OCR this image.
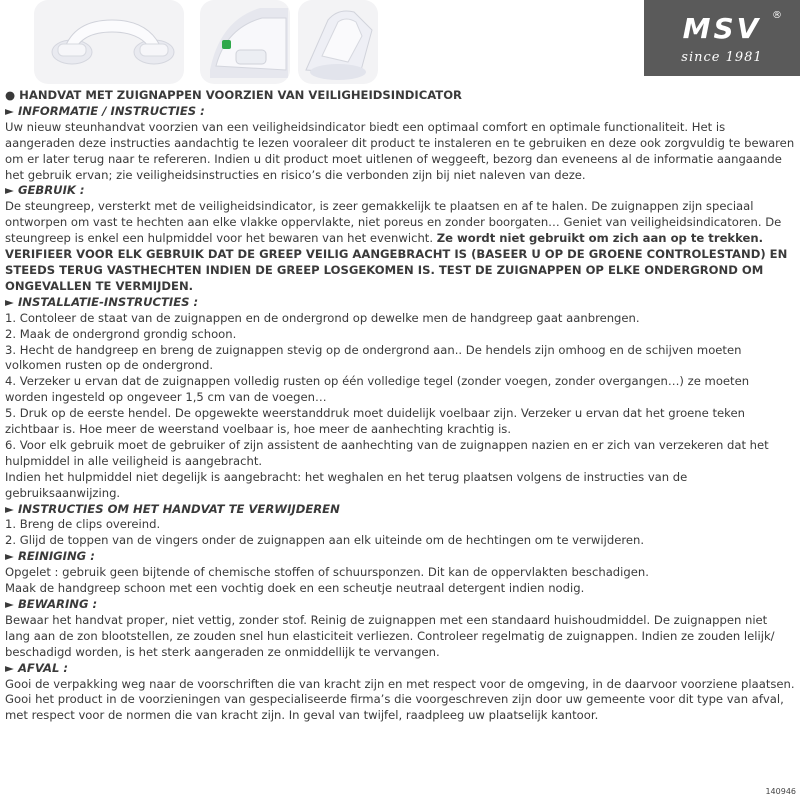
MSV	®
since 1981

● HANDVAT MET ZUIGNAPPEN VOORZIEN VAN VEILIGHEIDSINDICATOR

► INFORMATIE / INSTRUCTIES :

Uw nieuw steunhandvat voorzien van een veiligheidsindicator biedt een optimaal comfort en optimale functionaliteit. Het is aangeraden deze instructies aandachtig te lezen vooraleer dit product te instaleren en te gebruiken en deze ook zorgvuldig te bewaren om er later terug naar te refereren. Indien u dit product moet uitlenen of weggeeft, bezorg dan eveneens al de informatie aangaande het gebruik ervan; zie veiligheidsinstructies en risico’s die verbonden zijn bij niet naleven van deze.

► GEBRUIK :

De steungreep, versterkt met de veiligheidsindicator, is zeer gemakkelijk te plaatsen en af te halen. De zuignappen zijn speciaal ontworpen om vast te hechten aan elke vlakke oppervlakte, niet poreus en zonder boorgaten… Geniet van veiligheidsindicatoren. De steungreep is enkel een hulpmiddel voor het bewaren van het evenwicht. Ze wordt niet gebruikt om zich aan op te trekken. VERIFIEER VOOR ELK GEBRUIK DAT DE GREEP VEILIG AANGEBRACHT IS (BASEER U OP DE GROENE CONTROLESTAND) EN STEEDS TERUG VASTHECHTEN INDIEN DE GREEP LOSGEKOMEN IS. TEST DE ZUIGNAPPEN OP ELKE ONDERGROND OM ONGEVALLEN TE VERMIJDEN.

► INSTALLATIE-INSTRUCTIES :

1. Contoleer de staat van de zuignappen en de ondergrond op dewelke men de handgreep gaat aanbrengen.

2. Maak de ondergrond grondig schoon.

3. Hecht de handgreep en breng de zuignappen stevig op de ondergrond aan.. De hendels zijn omhoog en de schijven moeten volkomen rusten op de ondergrond.

4. Verzeker u ervan dat de zuignappen volledig rusten op één volledige tegel (zonder voegen, zonder overgangen…) ze moeten worden ingesteld op ongeveer 1,5 cm van de voegen…

5. Druk op de eerste hendel. De opgewekte weerstanddruk moet duidelijk voelbaar zijn. Verzeker u ervan dat het groene teken zichtbaar is. Hoe meer de weerstand voelbaar is, hoe meer de aanhechting krachtig is.

6. Voor elk gebruik moet de gebruiker of zijn assistent de aanhechting van de zuignappen nazien en er zich van verzekeren dat het hulpmiddel in alle veiligheid is aangebracht.

Indien het hulpmiddel niet degelijk is aangebracht: het weghalen en het terug plaatsen volgens de instructies van de gebruiksaanwijzing.

► INSTRUCTIES OM HET HANDVAT TE VERWIJDEREN

1. Breng de clips overeind.

2. Glijd de toppen van de vingers onder de zuignappen aan elk uiteinde om de hechtingen om te verwijderen.

► REINIGING :

Opgelet : gebruik geen bijtende of chemische stoffen of schuursponzen. Dit kan de oppervlakten beschadigen.

Maak de handgreep schoon met een vochtig doek en een scheutje neutraal detergent indien nodig.

► BEWARING :

Bewaar het handvat proper, niet vettig, zonder stof. Reinig de zuignappen met een standaard huishoudmiddel. De zuignappen niet lang aan de zon blootstellen, ze zouden snel hun elasticiteit verliezen. Controleer regelmatig de zuignappen. Indien ze zouden lelijk/ beschadigd worden, is het sterk aangeraden ze onmiddellijk te vervangen.

► AFVAL :

Gooi de verpakking weg naar de voorschriften die van kracht zijn en met respect voor de omgeving, in de daarvoor voorziene plaatsen.

Gooi het product in de voorzieningen van gespecialiseerde firma’s die voorgeschreven zijn door uw gemeente voor dit type van afval, met respect voor de normen die van kracht zijn. In geval van twijfel, raadpleeg uw plaatselijk kantoor.

140946
